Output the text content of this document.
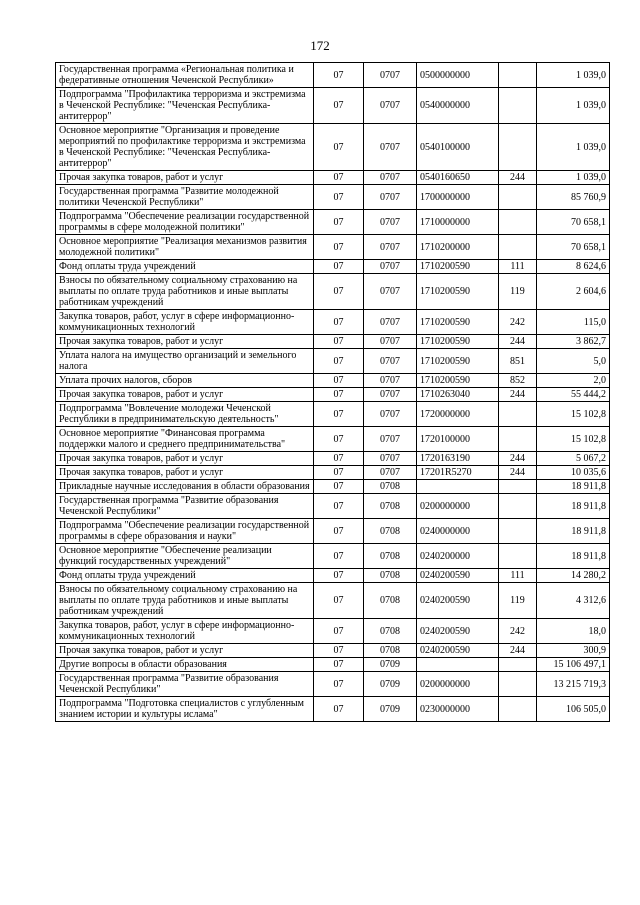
172
Государственная программа «Региональная политика и федеративные отношения Чеченской Республики»	07	0707	0500000000		1 039,0
Подпрограмма "Профилактика терроризма и экстремизма в Чеченской Республике: "Чеченская Республика-антитеррор"	07	0707	0540000000		1 039,0
Основное мероприятие "Организация и проведение мероприятий по профилактике терроризма и экстремизма в Чеченской Республике: "Чеченская Республика-антитеррор"	07	0707	0540100000		1 039,0
Прочая закупка товаров, работ и услуг	07	0707	0540160650	244	1 039,0
Государственная программа "Развитие молодежной политики Чеченской Республики"	07	0707	1700000000		85 760,9
Подпрограмма "Обеспечение реализации государственной программы в сфере молодежной политики"	07	0707	1710000000		70 658,1
Основное мероприятие "Реализация механизмов развития молодежной политики"	07	0707	1710200000		70 658,1
Фонд оплаты труда учреждений	07	0707	1710200590	111	8 624,6
Взносы по обязательному социальному страхованию на выплаты по оплате труда работников и иные выплаты работникам учреждений	07	0707	1710200590	119	2 604,6
Закупка товаров, работ, услуг в сфере информационно-коммуникационных технологий	07	0707	1710200590	242	115,0
Прочая закупка товаров, работ и услуг	07	0707	1710200590	244	3 862,7
Уплата налога на имущество организаций и земельного налога	07	0707	1710200590	851	5,0
Уплата прочих налогов, сборов	07	0707	1710200590	852	2,0
Прочая закупка товаров, работ и услуг	07	0707	1710263040	244	55 444,2
Подпрограмма "Вовлечение молодежи Чеченской Республики в предпринимательскую деятельность"	07	0707	1720000000		15 102,8
Основное мероприятие "Финансовая программа поддержки малого и среднего предпринимательства"	07	0707	1720100000		15 102,8
Прочая закупка товаров, работ и услуг	07	0707	1720163190	244	5 067,2
Прочая закупка товаров, работ и услуг	07	0707	17201R5270	244	10 035,6
Прикладные научные исследования в области образования	07	0708			18 911,8
Государственная программа "Развитие образования Чеченской Республики"	07	0708	0200000000		18 911,8
Подпрограмма "Обеспечение реализации государственной программы в сфере образования и науки"	07	0708	0240000000		18 911,8
Основное мероприятие "Обеспечение реализации функций государственных учреждений"	07	0708	0240200000		18 911,8
Фонд оплаты труда учреждений	07	0708	0240200590	111	14 280,2
Взносы по обязательному социальному страхованию на выплаты по оплате труда работников и иные выплаты работникам учреждений	07	0708	0240200590	119	4 312,6
Закупка товаров, работ, услуг в сфере информационно-коммуникационных технологий	07	0708	0240200590	242	18,0
Прочая закупка товаров, работ и услуг	07	0708	0240200590	244	300,9
Другие вопросы в области образования	07	0709			15 106 497,1
Государственная программа "Развитие образования Чеченской Республики"	07	0709	0200000000		13 215 719,3
Подпрограмма "Подготовка специалистов с углубленным знанием истории и культуры ислама"	07	0709	0230000000		106 505,0
